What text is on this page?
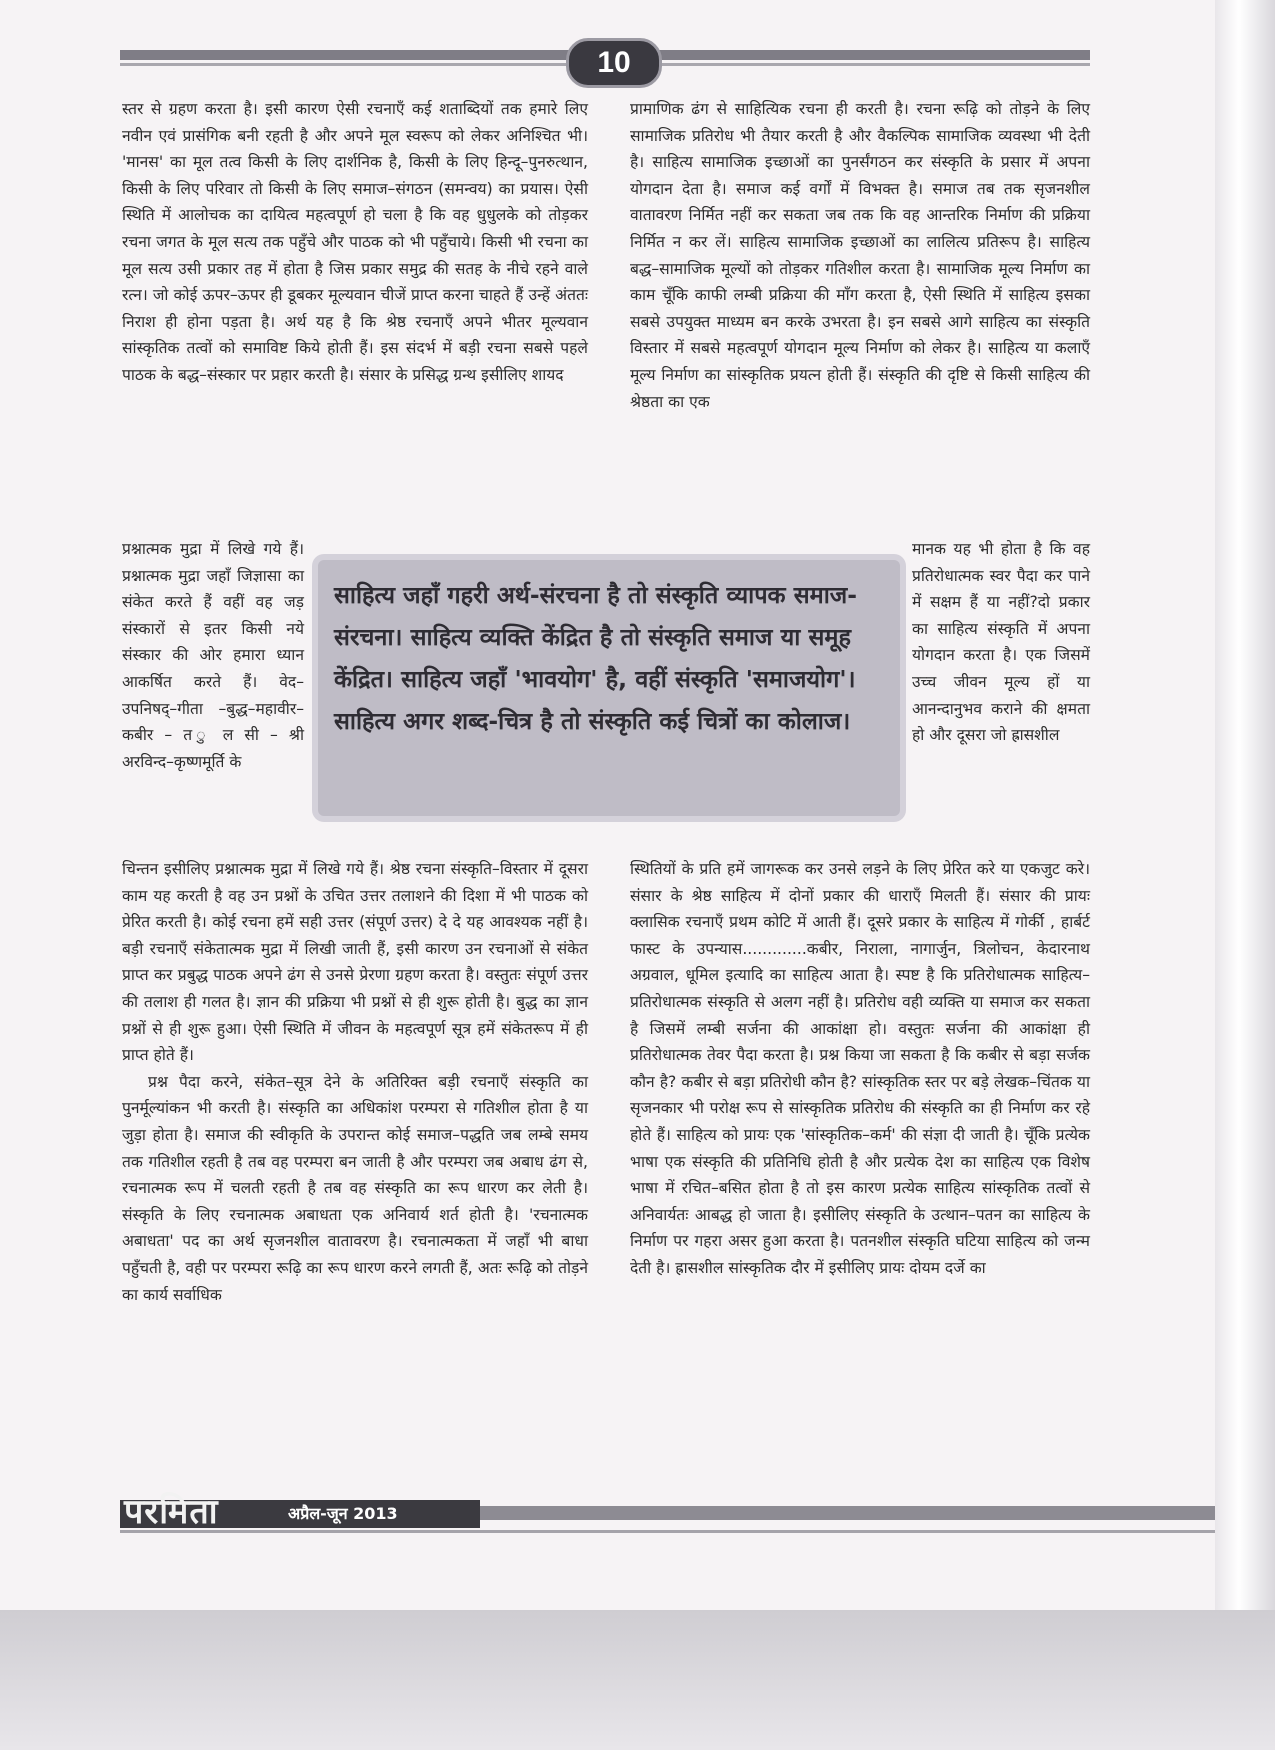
10

स्तर से ग्रहण करता है। इसी कारण ऐसी रचनाएँ कई शताब्दियों तक हमारे लिए नवीन एवं प्रासंगिक बनी रहती है और अपने मूल स्वरूप को लेकर अनिश्चित भी। 'मानस' का मूल तत्व किसी के लिए दार्शनिक है, किसी के लिए हिन्दू–पुनरुत्थान, किसी के लिए परिवार तो किसी के लिए समाज–संगठन (समन्वय) का प्रयास। ऐसी स्थिति में आलोचक का दायित्व महत्वपूर्ण हो चला है कि वह धुधुलके को तोड़कर रचना जगत के मूल सत्य तक पहुँचे और पाठक को भी पहुँचाये। किसी भी रचना का मूल सत्य उसी प्रकार तह में होता है जिस प्रकार समुद्र की सतह के नीचे रहने वाले रत्न। जो कोई ऊपर–ऊपर ही डूबकर मूल्यवान चीजें प्राप्त करना चाहते हैं उन्हें अंततः निराश ही होना पड़ता है। अर्थ यह है कि श्रेष्ठ रचनाएँ अपने भीतर मूल्यवान सांस्कृतिक तत्वों को समाविष्ट किये होती हैं। इस संदर्भ में बड़ी रचना सबसे पहले पाठक के बद्ध–संस्कार पर प्रहार करती है। संसार के प्रसिद्ध ग्रन्थ इसीलिए शायद

प्रश्नात्मक मुद्रा में लिखे गये हैं। प्रश्नात्मक मुद्रा जहाँ जिज्ञासा का संकेत करते हैं वहीं वह जड़ संस्कारों से इतर किसी नये संस्कार की ओर हमारा ध्यान आकर्षित करते हैं। वेद–उपनिषद्–गीता –बुद्ध–महावीर–कबीर – त ु ल सी – श्री अरविन्द–कृष्णमूर्ति के

चिन्तन इसीलिए प्रश्नात्मक मुद्रा में लिखे गये हैं। श्रेष्ठ रचना संस्कृति–विस्तार में दूसरा काम यह करती है वह उन प्रश्नों के उचित उत्तर तलाशने की दिशा में भी पाठक को प्रेरित करती है। कोई रचना हमें सही उत्तर (संपूर्ण उत्तर) दे दे यह आवश्यक नहीं है। बड़ी रचनाएँ संकेतात्मक मुद्रा में लिखी जाती हैं, इसी कारण उन रचनाओं से संकेत प्राप्त कर प्रबुद्ध पाठक अपने ढंग से उनसे प्रेरणा ग्रहण करता है। वस्तुतः संपूर्ण उत्तर की तलाश ही गलत है। ज्ञान की प्रक्रिया भी प्रश्नों से ही शुरू होती है। बुद्ध का ज्ञान प्रश्नों से ही शुरू हुआ। ऐसी स्थिति में जीवन के महत्वपूर्ण सूत्र हमें संकेतरूप में ही प्राप्त होते हैं।

प्रश्न पैदा करने, संकेत–सूत्र देने के अतिरिक्त बड़ी रचनाएँ संस्कृति का पुनर्मूल्यांकन भी करती है। संस्कृति का अधिकांश परम्परा से गतिशील होता है या जुड़ा होता है। समाज की स्वीकृति के उपरान्त कोई समाज–पद्धति जब लम्बे समय तक गतिशील रहती है तब वह परम्परा बन जाती है और परम्परा जब अबाध ढंग से, रचनात्मक रूप में चलती रहती है तब वह संस्कृति का रूप धारण कर लेती है। संस्कृति के लिए रचनात्मक अबाधता एक अनिवार्य शर्त होती है। 'रचनात्मक अबाधता' पद का अर्थ सृजनशील वातावरण है। रचनात्मकता में जहाँ भी बाधा पहुँचती है, वही पर परम्परा रूढ़ि का रूप धारण करने लगती हैं, अतः रूढ़ि को तोड़ने का कार्य सर्वाधिक

प्रामाणिक ढंग से साहित्यिक रचना ही करती है। रचना रूढ़ि को तोड़ने के लिए सामाजिक प्रतिरोध भी तैयार करती है और वैकल्पिक सामाजिक व्यवस्था भी देती है। साहित्य सामाजिक इच्छाओं का पुनर्संगठन कर संस्कृति के प्रसार में अपना योगदान देता है। समाज कई वर्गों में विभक्त है। समाज तब तक सृजनशील वातावरण निर्मित नहीं कर सकता जब तक कि वह आन्तरिक निर्माण की प्रक्रिया निर्मित न कर लें। साहित्य सामाजिक इच्छाओं का लालित्य प्रतिरूप है। साहित्य बद्ध–सामाजिक मूल्यों को तोड़कर गतिशील करता है। सामाजिक मूल्य निर्माण का काम चूँकि काफी लम्बी प्रक्रिया की माँग करता है, ऐसी स्थिति में साहित्य इसका सबसे उपयुक्त माध्यम बन करके उभरता है। इन सबसे आगे साहित्य का संस्कृति विस्तार में सबसे महत्वपूर्ण योगदान मूल्य निर्माण को लेकर है। साहित्य या कलाएँ मूल्य निर्माण का सांस्कृतिक प्रयत्न होती हैं। संस्कृति की दृष्टि से किसी साहित्य की श्रेष्ठता का एक

मानक यह भी होता है कि वह प्रतिरोधात्मक स्वर पैदा कर पाने में सक्षम हैं या नहीं?दो प्रकार का साहित्य संस्कृति में अपना योगदान करता है। एक जिसमें उच्च जीवन मूल्य हों या आनन्दानुभव कराने की क्षमता हो और दूसरा जो ह्रासशील

स्थितियों के प्रति हमें जागरूक कर उनसे लड़ने के लिए प्रेरित करे या एकजुट करे। संसार के श्रेष्ठ साहित्य में दोनों प्रकार की धाराएँ मिलती हैं। संसार की प्रायः क्लासिक रचनाएँ प्रथम कोटि में आती हैं। दूसरे प्रकार के साहित्य में गोर्की , हार्बर्ट फास्ट के उपन्यास.............कबीर, निराला, नागार्जुन, त्रिलोचन, केदारनाथ अग्रवाल, धूमिल इत्यादि का साहित्य आता है। स्पष्ट है कि प्रतिरोधात्मक साहित्य–प्रतिरोधात्मक संस्कृति से अलग नहीं है। प्रतिरोध वही व्यक्ति या समाज कर सकता है जिसमें लम्बी सर्जना की आकांक्षा हो। वस्तुतः सर्जना की आकांक्षा ही प्रतिरोधात्मक तेवर पैदा करता है। प्रश्न किया जा सकता है कि कबीर से बड़ा सर्जक कौन है? कबीर से बड़ा प्रतिरोधी कौन है? सांस्कृतिक स्तर पर बड़े लेखक–चिंतक या सृजनकार भी परोक्ष रूप से सांस्कृतिक प्रतिरोध की संस्कृति का ही निर्माण कर रहे होते हैं। साहित्य को प्रायः एक 'सांस्कृतिक–कर्म' की संज्ञा दी जाती है। चूँकि प्रत्येक भाषा एक संस्कृति की प्रतिनिधि होती है और प्रत्येक देश का साहित्य एक विशेष भाषा में रचित–बसित होता है तो इस कारण प्रत्येक साहित्य सांस्कृतिक तत्वों से अनिवार्यतः आबद्ध हो जाता है। इसीलिए संस्कृति के उत्थान–पतन का साहित्य के निर्माण पर गहरा असर हुआ करता है। पतनशील संस्कृति घटिया साहित्य को जन्म देती है। ह्रासशील सांस्कृतिक दौर में इसीलिए प्रायः दोयम दर्जे का

साहित्य जहाँ गहरी अर्थ-संरचना है तो संस्कृति व्यापक समाज-संरचना। साहित्य व्यक्ति केंद्रित है तो संस्कृति समाज या समूह केंद्रित। साहित्य जहाँ 'भावयोग' है, वहीं संस्कृति 'समाजयोग'। साहित्य अगर शब्द-चित्र है तो संस्कृति कई चित्रों का कोलाज।
परमिता	अप्रैल-जून 2013
